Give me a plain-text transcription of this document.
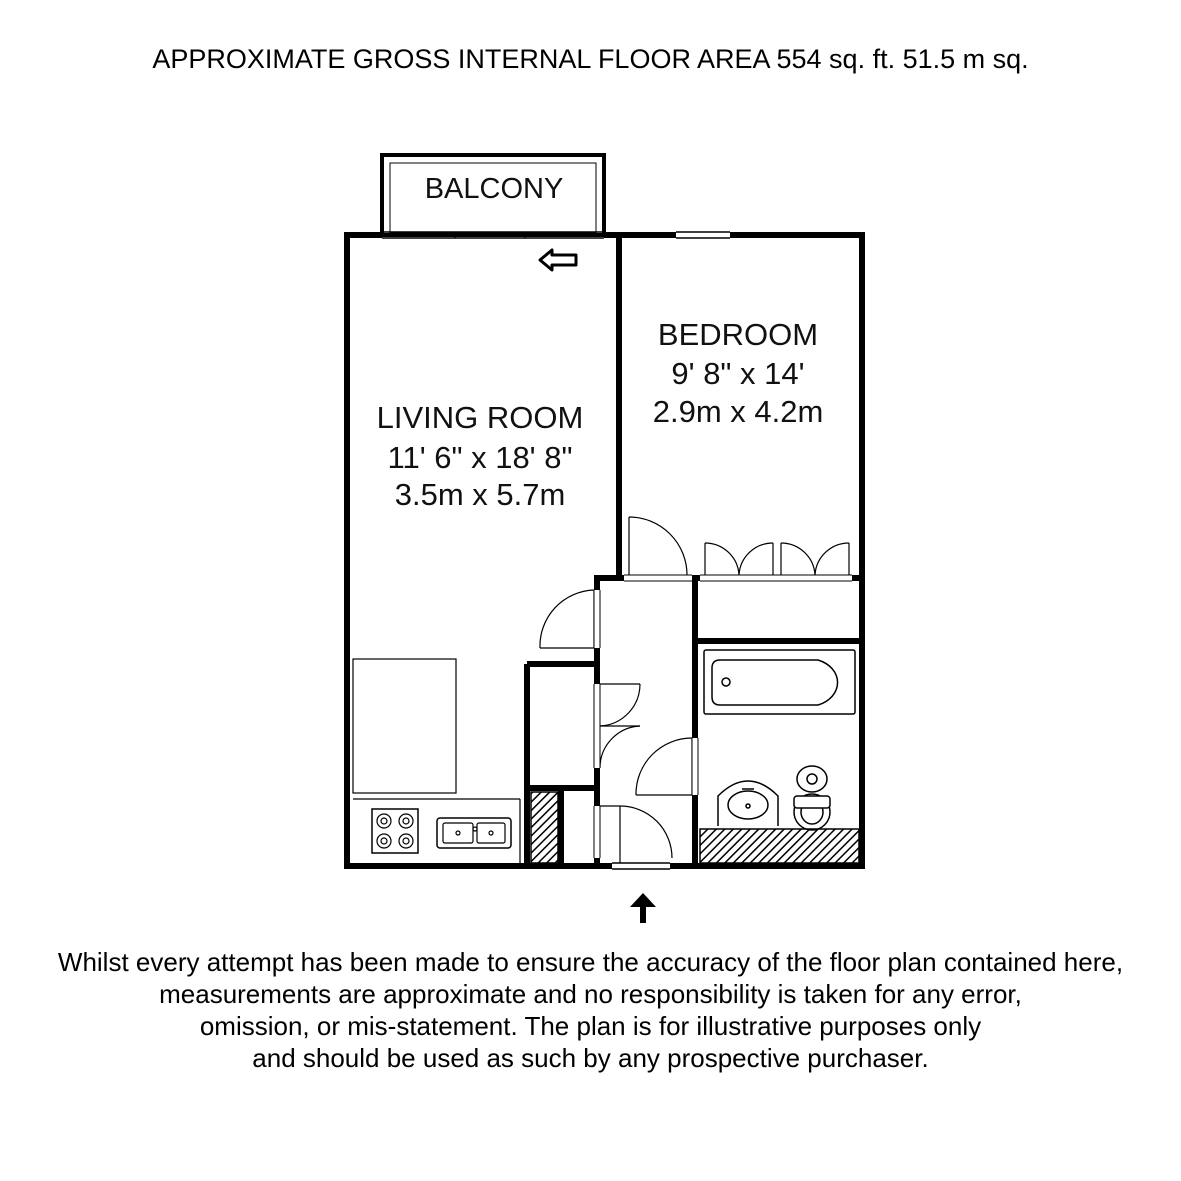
APPROXIMATE GROSS INTERNAL FLOOR AREA 554 sq. ft. 51.5 m sq.
BALCONY
LIVING ROOM
11' 6" x 18' 8"
3.5m x 5.7m
BEDROOM
9' 8" x 14'
2.9m x 4.2m
Whilst every attempt has been made to ensure the accuracy of the floor plan contained here,
measurements are approximate and no responsibility is taken for any error,
omission, or mis-statement. The plan is for illustrative purposes only
and should be used as such by any prospective purchaser.
